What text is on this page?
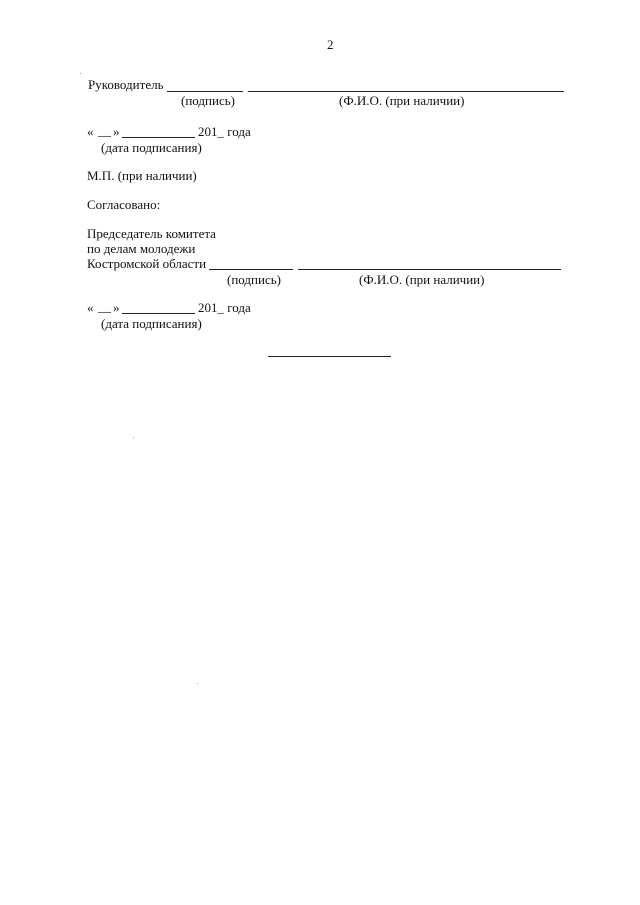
2
Руководитель
(подпись)	(Ф.И.О. (при наличии)
« __ »	201_ года
(дата подписания)
М.П. (при наличии)
Согласовано:
Председатель комитета
по делам молодежи
Костромской области
(подпись)	(Ф.И.О. (при наличии)
« __ »	201_ года
(дата подписания)
